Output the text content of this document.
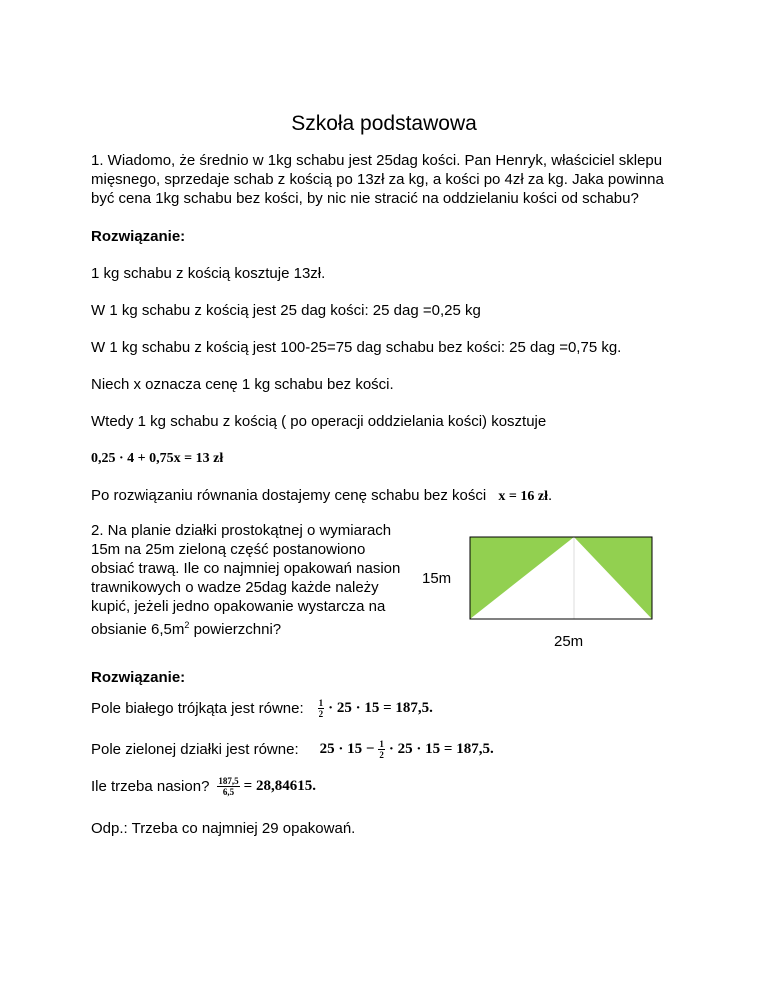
Szkoła podstawowa
1. Wiadomo, że średnio w 1kg schabu jest 25dag kości. Pan Henryk, właściciel sklepu
mięsnego, sprzedaje schab z kością po 13zł za kg, a kości po 4zł za kg. Jaka powinna
być cena 1kg schabu bez kości, by nic nie stracić na oddzielaniu kości od schabu?
Rozwiązanie:
1 kg schabu z kością kosztuje 13zł.
W 1 kg schabu z kością jest 25 dag kości: 25 dag =0,25 kg
W 1 kg schabu z kością jest 100-25=75 dag schabu bez kości: 25 dag =0,75 kg.
Niech x oznacza cenę 1 kg schabu bez kości.
Wtedy 1 kg schabu z kością ( po operacji oddzielania kości) kosztuje
0,25 · 4 + 0,75x = 13 zł
Po rozwiązaniu równania dostajemy cenę schabu bez kości x = 16 zł.
2. Na planie działki prostokątnej o wymiarach
15m na 25m zieloną część postanowiono
obsiać trawą. Ile co najmniej opakowań nasion
trawnikowych o wadze 25dag każde należy
kupić, jeżeli jedno opakowanie wystarcza na
obsianie $6,5m^2$ powierzchni?
15m
25m
Rozwiązanie:
Pole białego trójkąta jest równe: $\frac{1}{2} \cdot 25 \cdot 15 = 187,5$.
Pole zielonej działki jest równe: $25 \cdot 15 - \frac{1}{2} \cdot 25 \cdot 15 = 187,5$.
Ile trzeba nasion? $\frac{187,5}{6,5} = 28,84615$.
Odp.: Trzeba co najmniej 29 opakowań.
